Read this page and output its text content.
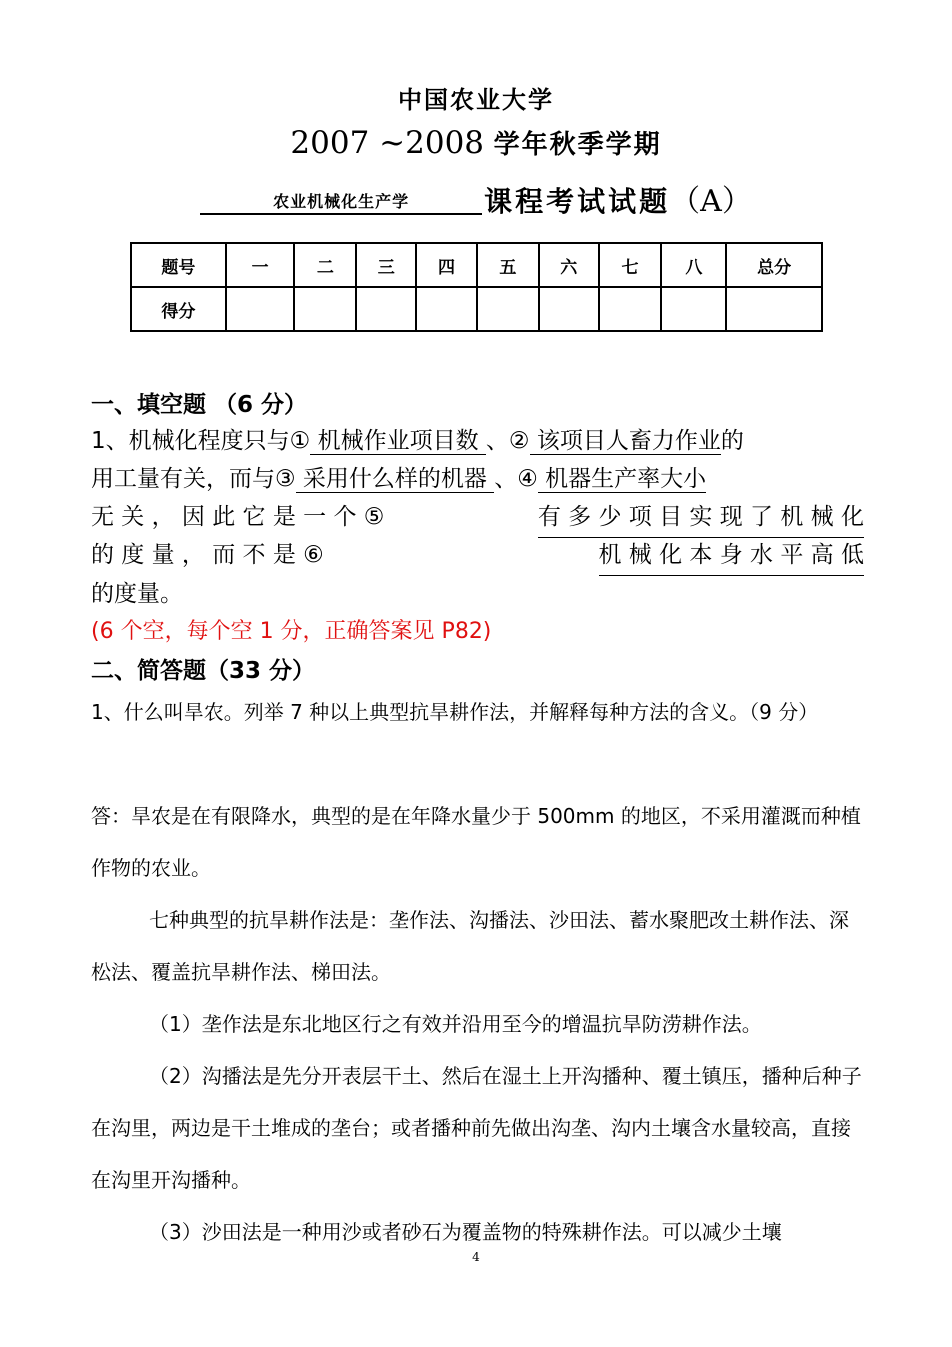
中国农业大学
2007 ~2008 学年秋季学期
农业机械化生产学	课程考试试题（A）
题号	一	二	三	四	五	六	七	八	总分
得分									
一、填空题 （6 分）
1、机械化程度只与① 机械作业项目数 、② 该项目人畜力作业的
用工量有关，而与③ 采用什么样的机器 、④ 机器生产率大小
无 关 ， 因 此 它 是 一 个 ⑤	有 多 少 项 目 实 现 了 机 械 化
的 度 量 ， 而 不 是 ⑥	机 械 化 本 身 水 平 高 低
的度量。
(6 个空，每个空 1 分，正确答案见 P82)
二、简答题（33 分）
1、什么叫旱农。列举 7 种以上典型抗旱耕作法，并解释每种方法的含义。（9 分）
答：旱农是在有限降水，典型的是在年降水量少于 500mm 的地区，不采用灌溉而种植作物的农业。
七种典型的抗旱耕作法是：垄作法、沟播法、沙田法、蓄水聚肥改土耕作法、深松法、覆盖抗旱耕作法、梯田法。
（1）垄作法是东北地区行之有效并沿用至今的增温抗旱防涝耕作法。
（2）沟播法是先分开表层干土、然后在湿土上开沟播种、覆土镇压，播种后种子在沟里，两边是干土堆成的垄台；或者播种前先做出沟垄、沟内土壤含水量较高，直接在沟里开沟播种。
（3）沙田法是一种用沙或者砂石为覆盖物的特殊耕作法。可以减少土壤
4
